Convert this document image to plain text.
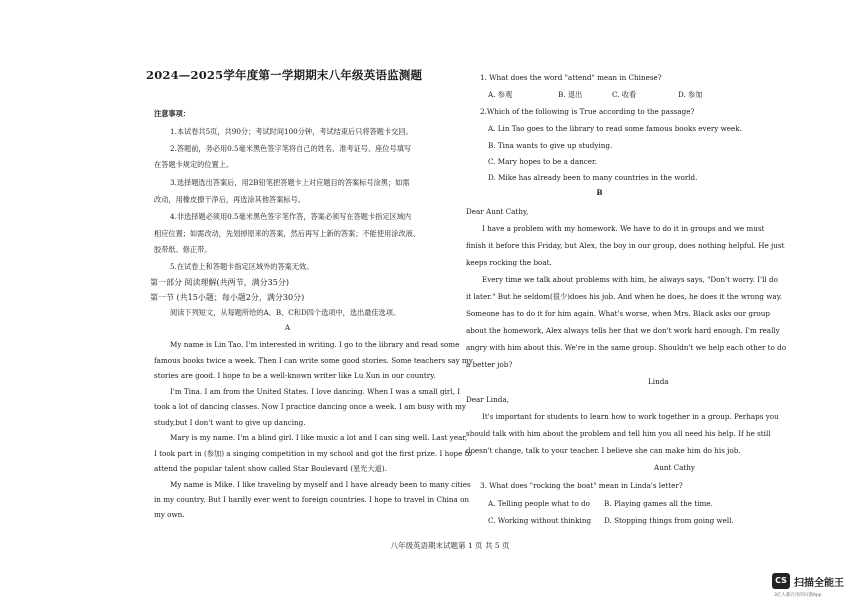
2024—2025学年度第一学期期末八年级英语监测题
注意事项：
1.本试卷共5页，共90分；考试时间100分钟，考试结束后只将答题卡交回。
2.答题前，务必用0.5毫米黑色签字笔将自己的姓名、准考证号、座位号填写
在答题卡规定的位置上。
3.选择题选出答案后，用2B铅笔把答题卡上对应题目的答案标号涂黑；如需
改动，用橡皮擦干净后，再选涂其他答案标号。
4.非选择题必须用0.5毫米黑色签字笔作答，答案必须写在答题卡指定区域内
相应位置；如需改动，先划掉原来的答案，然后再写上新的答案；不能使用涂改液、
胶带纸、修正带。
5.在试卷上和答题卡指定区域外的答案无效。
第一部分 阅读理解(共两节，满分35分)
第一节 (共15小题；每小题2分，满分30分)
阅读下列短文，从每题所给的A、B、C和D四个选项中，选出最佳选项。
A
My name is Lin Tao. I'm interested in writing. I go to the library and read some
famous books twice a week. Then I can write some good stories. Some teachers say my
stories are good. I hope to be a well-known writer like Lu Xun in our country.
I'm Tina. I am from the United States. I love dancing. When I was a small girl, I
took a lot of dancing classes. Now I practice dancing once a week. I am busy with my
study,but I don't want to give up dancing.
Mary is my name. I'm a blind girl. I like music a lot and I can sing well. Last year,
I took part in (参加) a singing competition in my school and got the first prize. I hope to
attend the popular talent show called Star Boulevard (星光大道).
My name is Mike. I like traveling by myself and I have already been to many cities
in my country. But I hardly ever went to foreign countries. I hope to travel in China on
my own.
1. What does the word "attend" mean in Chinese?
A. 参观	B. 退出	C. 收看	D. 参加
2.Which of the following is True according to the passage?
A. Lin Tao goes to the library to read some famous books every week.
B. Tina wants to give up studying.
C. Mary hopes to be a dancer.
D. Mike has already been to many countries in the world.
B
Dear Aunt Cathy,
I have a problem with my homework. We have to do it in groups and we must
finish it before this Friday, but Alex, the boy in our group, does nothing helpful. He just
keeps rocking the boat.
Every time we talk about problems with him, he always says, "Don't worry. I'll do
it later." But he seldom(很少)does his job. And when he does, he does it the wrong way.
Someone has to do it for him again. What's worse, when Mrs. Black asks our group
about the homework, Alex always tells her that we don't work hard enough. I'm really
angry with him about this. We're in the same group. Shouldn't we help each other to do
a better job?
Linda
Dear Linda,
It's important for students to learn how to work together in a group. Perhaps you
should talk with him about the problem and tell him you all need his help. If he still
doesn't change, talk to your teacher. I believe she can make him do his job.
Aunt Cathy
3. What does "rocking the boat" mean in Linda's letter?
A. Telling people what to do B. Playing games all the time.
C. Working without thinking D. Stopping things from going well.
八年级英语期末试题第 1 页 共 5 页
CS 扫描全能王
3亿人都在用的扫描App
